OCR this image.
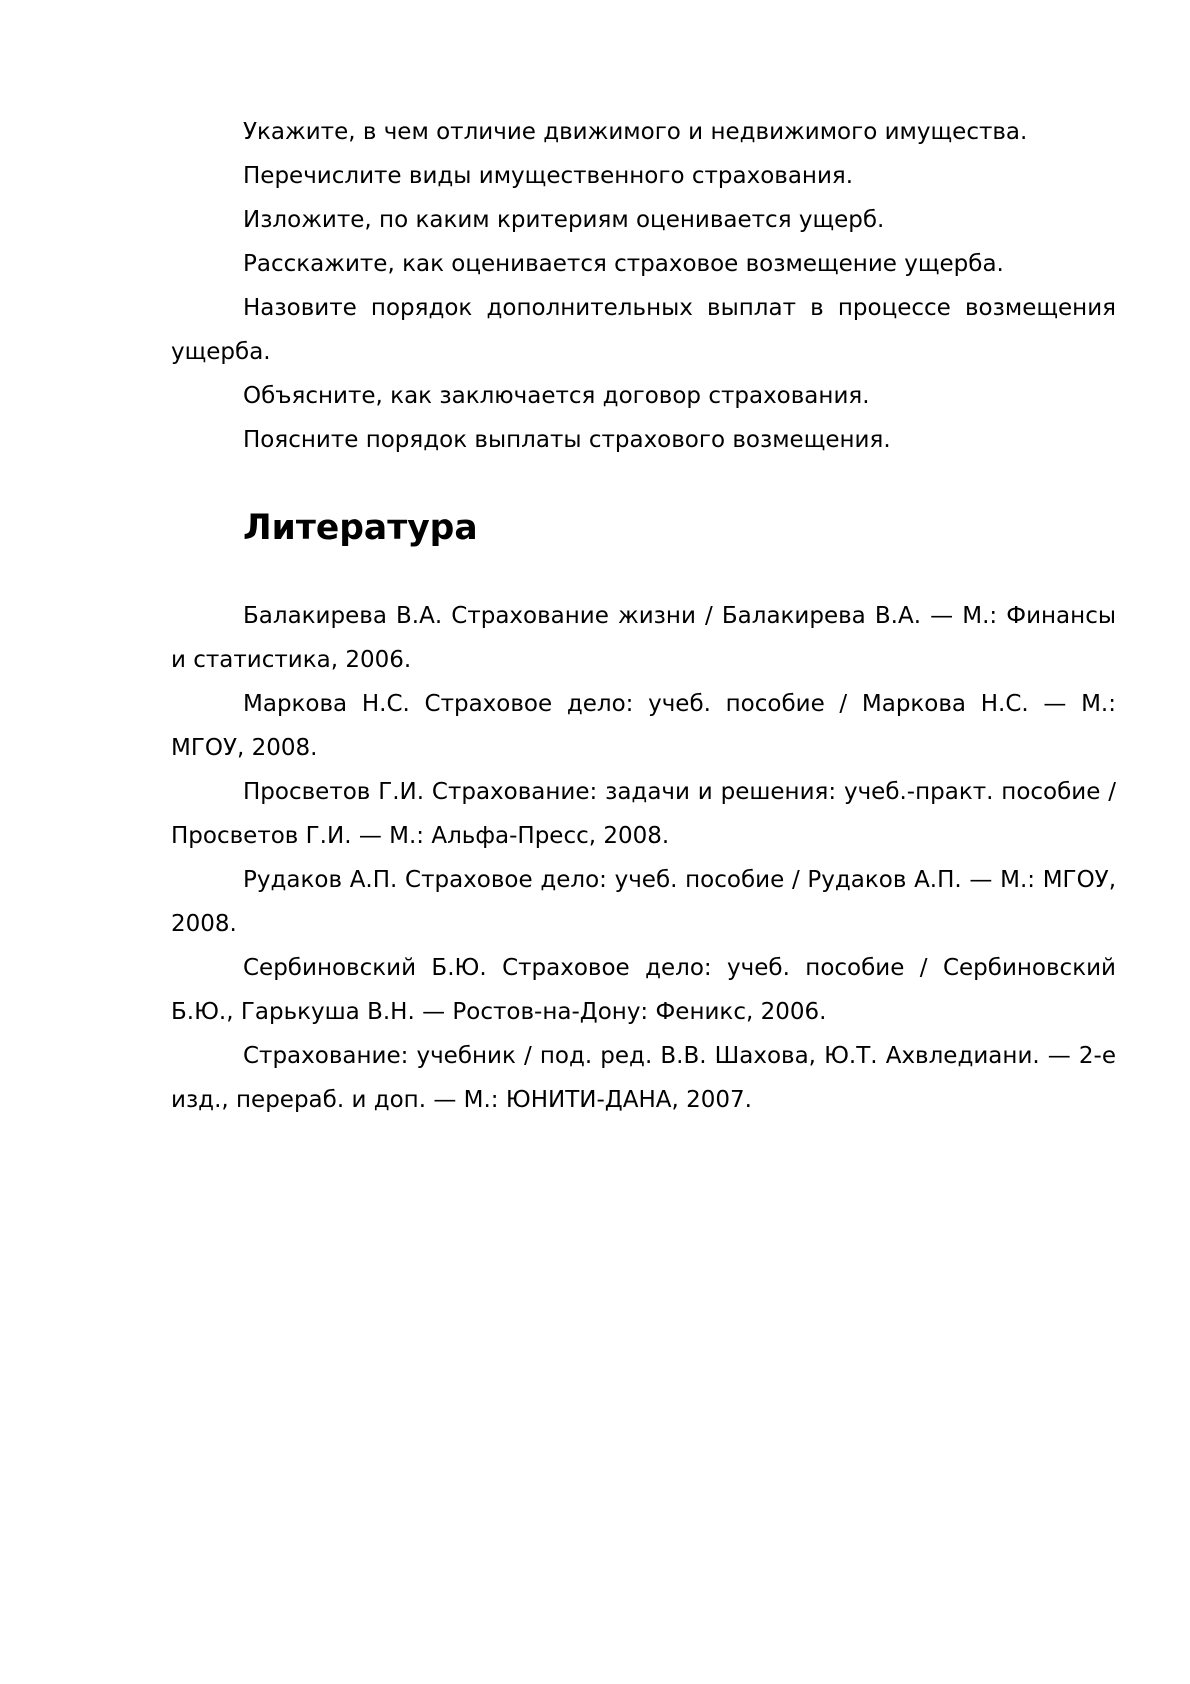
Укажите, в чем отличие движимого и недвижимого имущества.

Перечислите виды имущественного страхования.

Изложите, по каким критериям оценивается ущерб.

Расскажите, как оценивается страховое возмещение ущерба.

Назовите порядок дополнительных выплат в процессе возмещения ущерба.

Объясните, как заключается договор страхования.

Поясните порядок выплаты страхового возмещения.

Литература

Балакирева В.А. Страхование жизни / Балакирева В.А. — М.: Финансы и статистика, 2006.

Маркова Н.С. Страховое дело: учеб. пособие / Маркова Н.С. — М.: МГОУ, 2008.

Просветов Г.И. Страхование: задачи и решения: учеб.-практ. пособие / Просветов Г.И. — М.: Альфа-Пресс, 2008.

Рудаков А.П. Страховое дело: учеб. пособие / Рудаков А.П. — М.: МГОУ, 2008.

Сербиновский Б.Ю. Страховое дело: учеб. пособие / Сербиновский Б.Ю., Гарькуша В.Н. — Ростов-на-Дону: Феникс, 2006.

Страхование: учебник / под. ред. В.В. Шахова, Ю.Т. Ахвледиани. — 2-е изд., перераб. и доп. — М.: ЮНИТИ-ДАНА, 2007.
